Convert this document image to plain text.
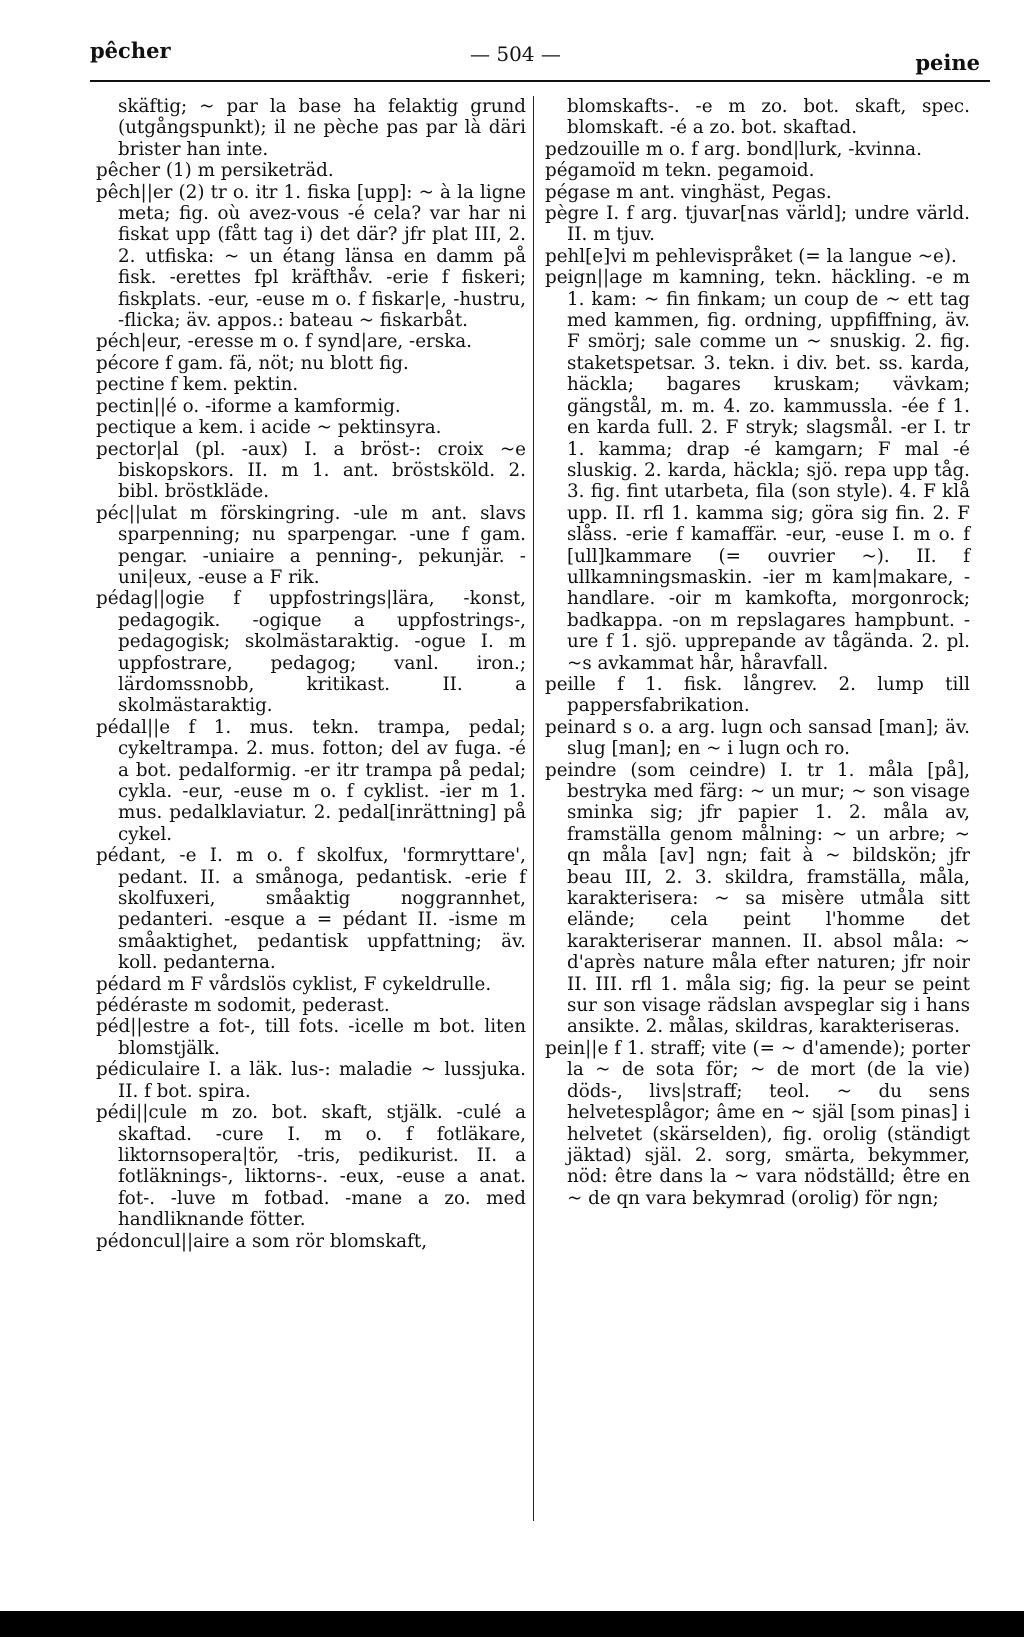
pêcher	— 504 —	peine

skäftig; ~ par la base ha felaktig grund (utgångspunkt); il ne pèche pas par là däri brister han inte.

pêcher (1) m persiketräd.

pêch||er (2) tr o. itr 1. fiska [upp]: ~ à la ligne meta; fig. où avez-vous -é cela? var har ni fiskat upp (fått tag i) det där? jfr plat III, 2. 2. utfiska: ~ un étang länsa en damm på fisk. -erettes fpl kräfthåv. -erie f fiskeri; fiskplats. -eur, -euse m o. f fiskar|e, -hustru, -flicka; äv. appos.: bateau ~ fiskarbåt.

péch|eur, -eresse m o. f synd|are, -erska.

pécore f gam. fä, nöt; nu blott fig.

pectine f kem. pektin.

pectin||é o. -iforme a kamformig.

pectique a kem. i acide ~ pektinsyra.

pector|al (pl. -aux) I. a bröst-: croix ~e biskopskors. II. m 1. ant. bröstsköld. 2. bibl. bröstkläde.

péc||ulat m förskingring. -ule m ant. slavs sparpenning; nu sparpengar. -une f gam. pengar. -uniaire a penning-, pekunjär. -uni|eux, -euse a F rik.

pédag||ogie f uppfostrings|lära, -konst, pedagogik. -ogique a uppfostrings-, pedagogisk; skolmästaraktig. -ogue I. m uppfostrare, pedagog; vanl. iron.; lärdomssnobb, kritikast. II. a skolmästaraktig.

pédal||e f 1. mus. tekn. trampa, pedal; cykeltrampa. 2. mus. fotton; del av fuga. -é a bot. pedalformig. -er itr trampa på pedal; cykla. -eur, -euse m o. f cyklist. -ier m 1. mus. pedalklaviatur. 2. pedal[inrättning] på cykel.

pédant, -e I. m o. f skolfux, 'formryttare', pedant. II. a smånoga, pedantisk. -erie f skolfuxeri, småaktig noggrannhet, pedanteri. -esque a = pédant II. -isme m småaktighet, pedantisk uppfattning; äv. koll. pedanterna.

pédard m F vårdslös cyklist, F cykeldrulle.

pédéraste m sodomit, pederast.

péd||estre a fot-, till fots. -icelle m bot. liten blomstjälk.

pédiculaire I. a läk. lus-: maladie ~ lussjuka. II. f bot. spira.

pédi||cule m zo. bot. skaft, stjälk. -culé a skaftad. -cure I. m o. f fotläkare, liktornsopera|tör, -tris, pedikurist. II. a fotläknings-, liktorns-. -eux, -euse a anat. fot-. -luve m fotbad. -mane a zo. med handliknande fötter.

pédoncul||aire a som rör blomskaft,

blomskafts-. -e m zo. bot. skaft, spec. blomskaft. -é a zo. bot. skaftad.

pedzouille m o. f arg. bond|lurk, -kvinna.

pégamoïd m tekn. pegamoid.

pégase m ant. vinghäst, Pegas.

pègre I. f arg. tjuvar[nas värld]; undre värld. II. m tjuv.

pehl[e]vi m pehlevispråket (= la langue ~e).

peign||age m kamning, tekn. häckling. -e m 1. kam: ~ fin finkam; un coup de ~ ett tag med kammen, fig. ordning, uppfiffning, äv. F smörj; sale comme un ~ snuskig. 2. fig. staketspetsar. 3. tekn. i div. bet. ss. karda, häckla; bagares kruskam; vävkam; gängstål, m. m. 4. zo. kammussla. -ée f 1. en karda full. 2. F stryk; slagsmål. -er I. tr 1. kamma; drap -é kamgarn; F mal -é sluskig. 2. karda, häckla; sjö. repa upp tåg. 3. fig. fint utarbeta, fila (son style). 4. F klå upp. II. rfl 1. kamma sig; göra sig fin. 2. F slåss. -erie f kamaffär. -eur, -euse I. m o. f [ull]kammare (= ouvrier ~). II. f ullkamningsmaskin. -ier m kam|makare, -handlare. -oir m kamkofta, morgonrock; badkappa. -on m repslagares hampbunt. -ure f 1. sjö. upprepande av tågända. 2. pl. ~s avkammat hår, håravfall.

peille f 1. fisk. långrev. 2. lump till pappersfabrikation.

peinard s o. a arg. lugn och sansad [man]; äv. slug [man]; en ~ i lugn och ro.

peindre (som ceindre) I. tr 1. måla [på], bestryka med färg: ~ un mur; ~ son visage sminka sig; jfr papier 1. 2. måla av, framställa genom målning: ~ un arbre; ~ qn måla [av] ngn; fait à ~ bildskön; jfr beau III, 2. 3. skildra, framställa, måla, karakterisera: ~ sa misère utmåla sitt elände; cela peint l'homme det karakteriserar mannen. II. absol måla: ~ d'après nature måla efter naturen; jfr noir II. III. rfl 1. måla sig; fig. la peur se peint sur son visage rädslan avspeglar sig i hans ansikte. 2. målas, skildras, karakteriseras.

pein||e f 1. straff; vite (= ~ d'amende); porter la ~ de sota för; ~ de mort (de la vie) döds-, livs|straff; teol. ~ du sens helvetesplågor; âme en ~ själ [som pinas] i helvetet (skärselden), fig. orolig (ständigt jäktad) själ. 2. sorg, smärta, bekymmer, nöd: être dans la ~ vara nödställd; être en ~ de qn vara bekymrad (orolig) för ngn;
